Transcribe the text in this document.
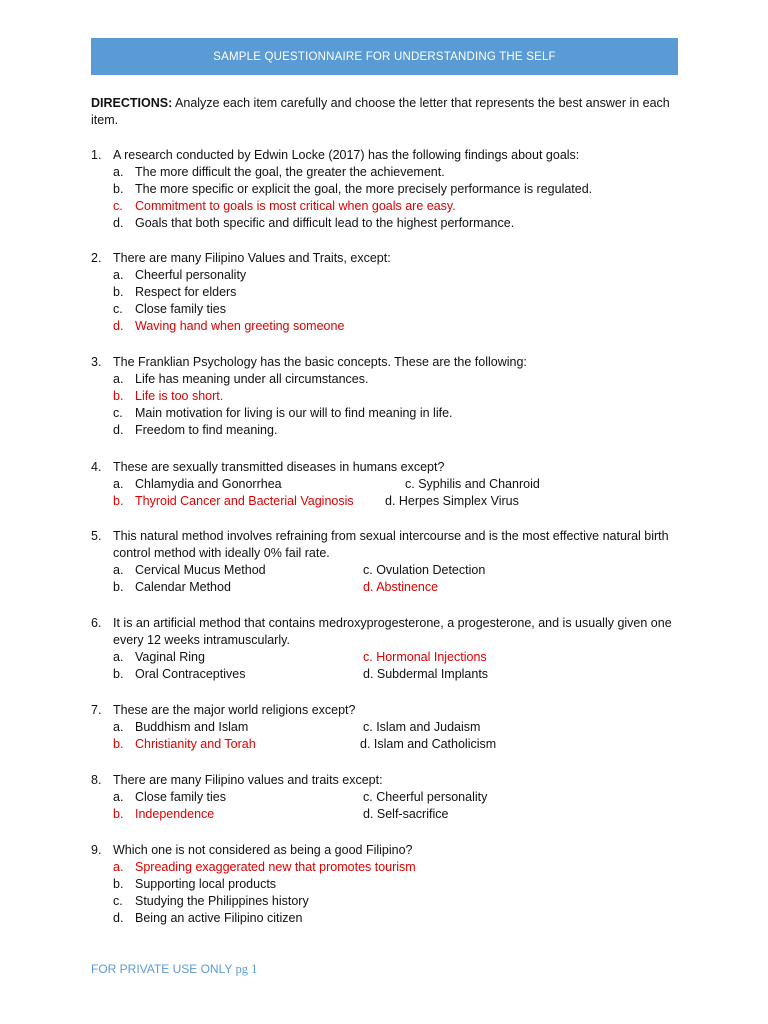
SAMPLE QUESTIONNAIRE FOR UNDERSTANDING THE SELF
DIRECTIONS: Analyze each item carefully and choose the letter that represents the best answer in each item.
1. A research conducted by Edwin Locke (2017) has the following findings about goals:
a. The more difficult the goal, the greater the achievement.
b. The more specific or explicit the goal, the more precisely performance is regulated.
c. Commitment to goals is most critical when goals are easy.
d. Goals that both specific and difficult lead to the highest performance.
2. There are many Filipino Values and Traits, except:
a. Cheerful personality
b. Respect for elders
c. Close family ties
d. Waving hand when greeting someone
3. The Franklian Psychology has the basic concepts. These are the following:
a. Life has meaning under all circumstances.
b. Life is too short.
c. Main motivation for living is our will to find meaning in life.
d. Freedom to find meaning.
4. These are sexually transmitted diseases in humans except?
a. Chlamydia and Gonorrhea	c. Syphilis and Chanroid
b. Thyroid Cancer and Bacterial Vaginosis	d. Herpes Simplex Virus
5. This natural method involves refraining from sexual intercourse and is the most effective natural birth control method with ideally 0% fail rate.
a. Cervical Mucus Method	c. Ovulation Detection
b. Calendar Method	d. Abstinence
6. It is an artificial method that contains medroxyprogesterone, a progesterone, and is usually given one every 12 weeks intramuscularly.
a. Vaginal Ring	c. Hormonal Injections
b. Oral Contraceptives	d. Subdermal Implants
7. These are the major world religions except?
a. Buddhism and Islam	c. Islam and Judaism
b. Christianity and Torah	d. Islam and Catholicism
8. There are many Filipino values and traits except:
a. Close family ties	c. Cheerful personality
b. Independence	d. Self-sacrifice
9. Which one is not considered as being a good Filipino?
a. Spreading exaggerated new that promotes tourism
b. Supporting local products
c. Studying the Philippines history
d. Being an active Filipino citizen
FOR PRIVATE USE ONLY pg 1
